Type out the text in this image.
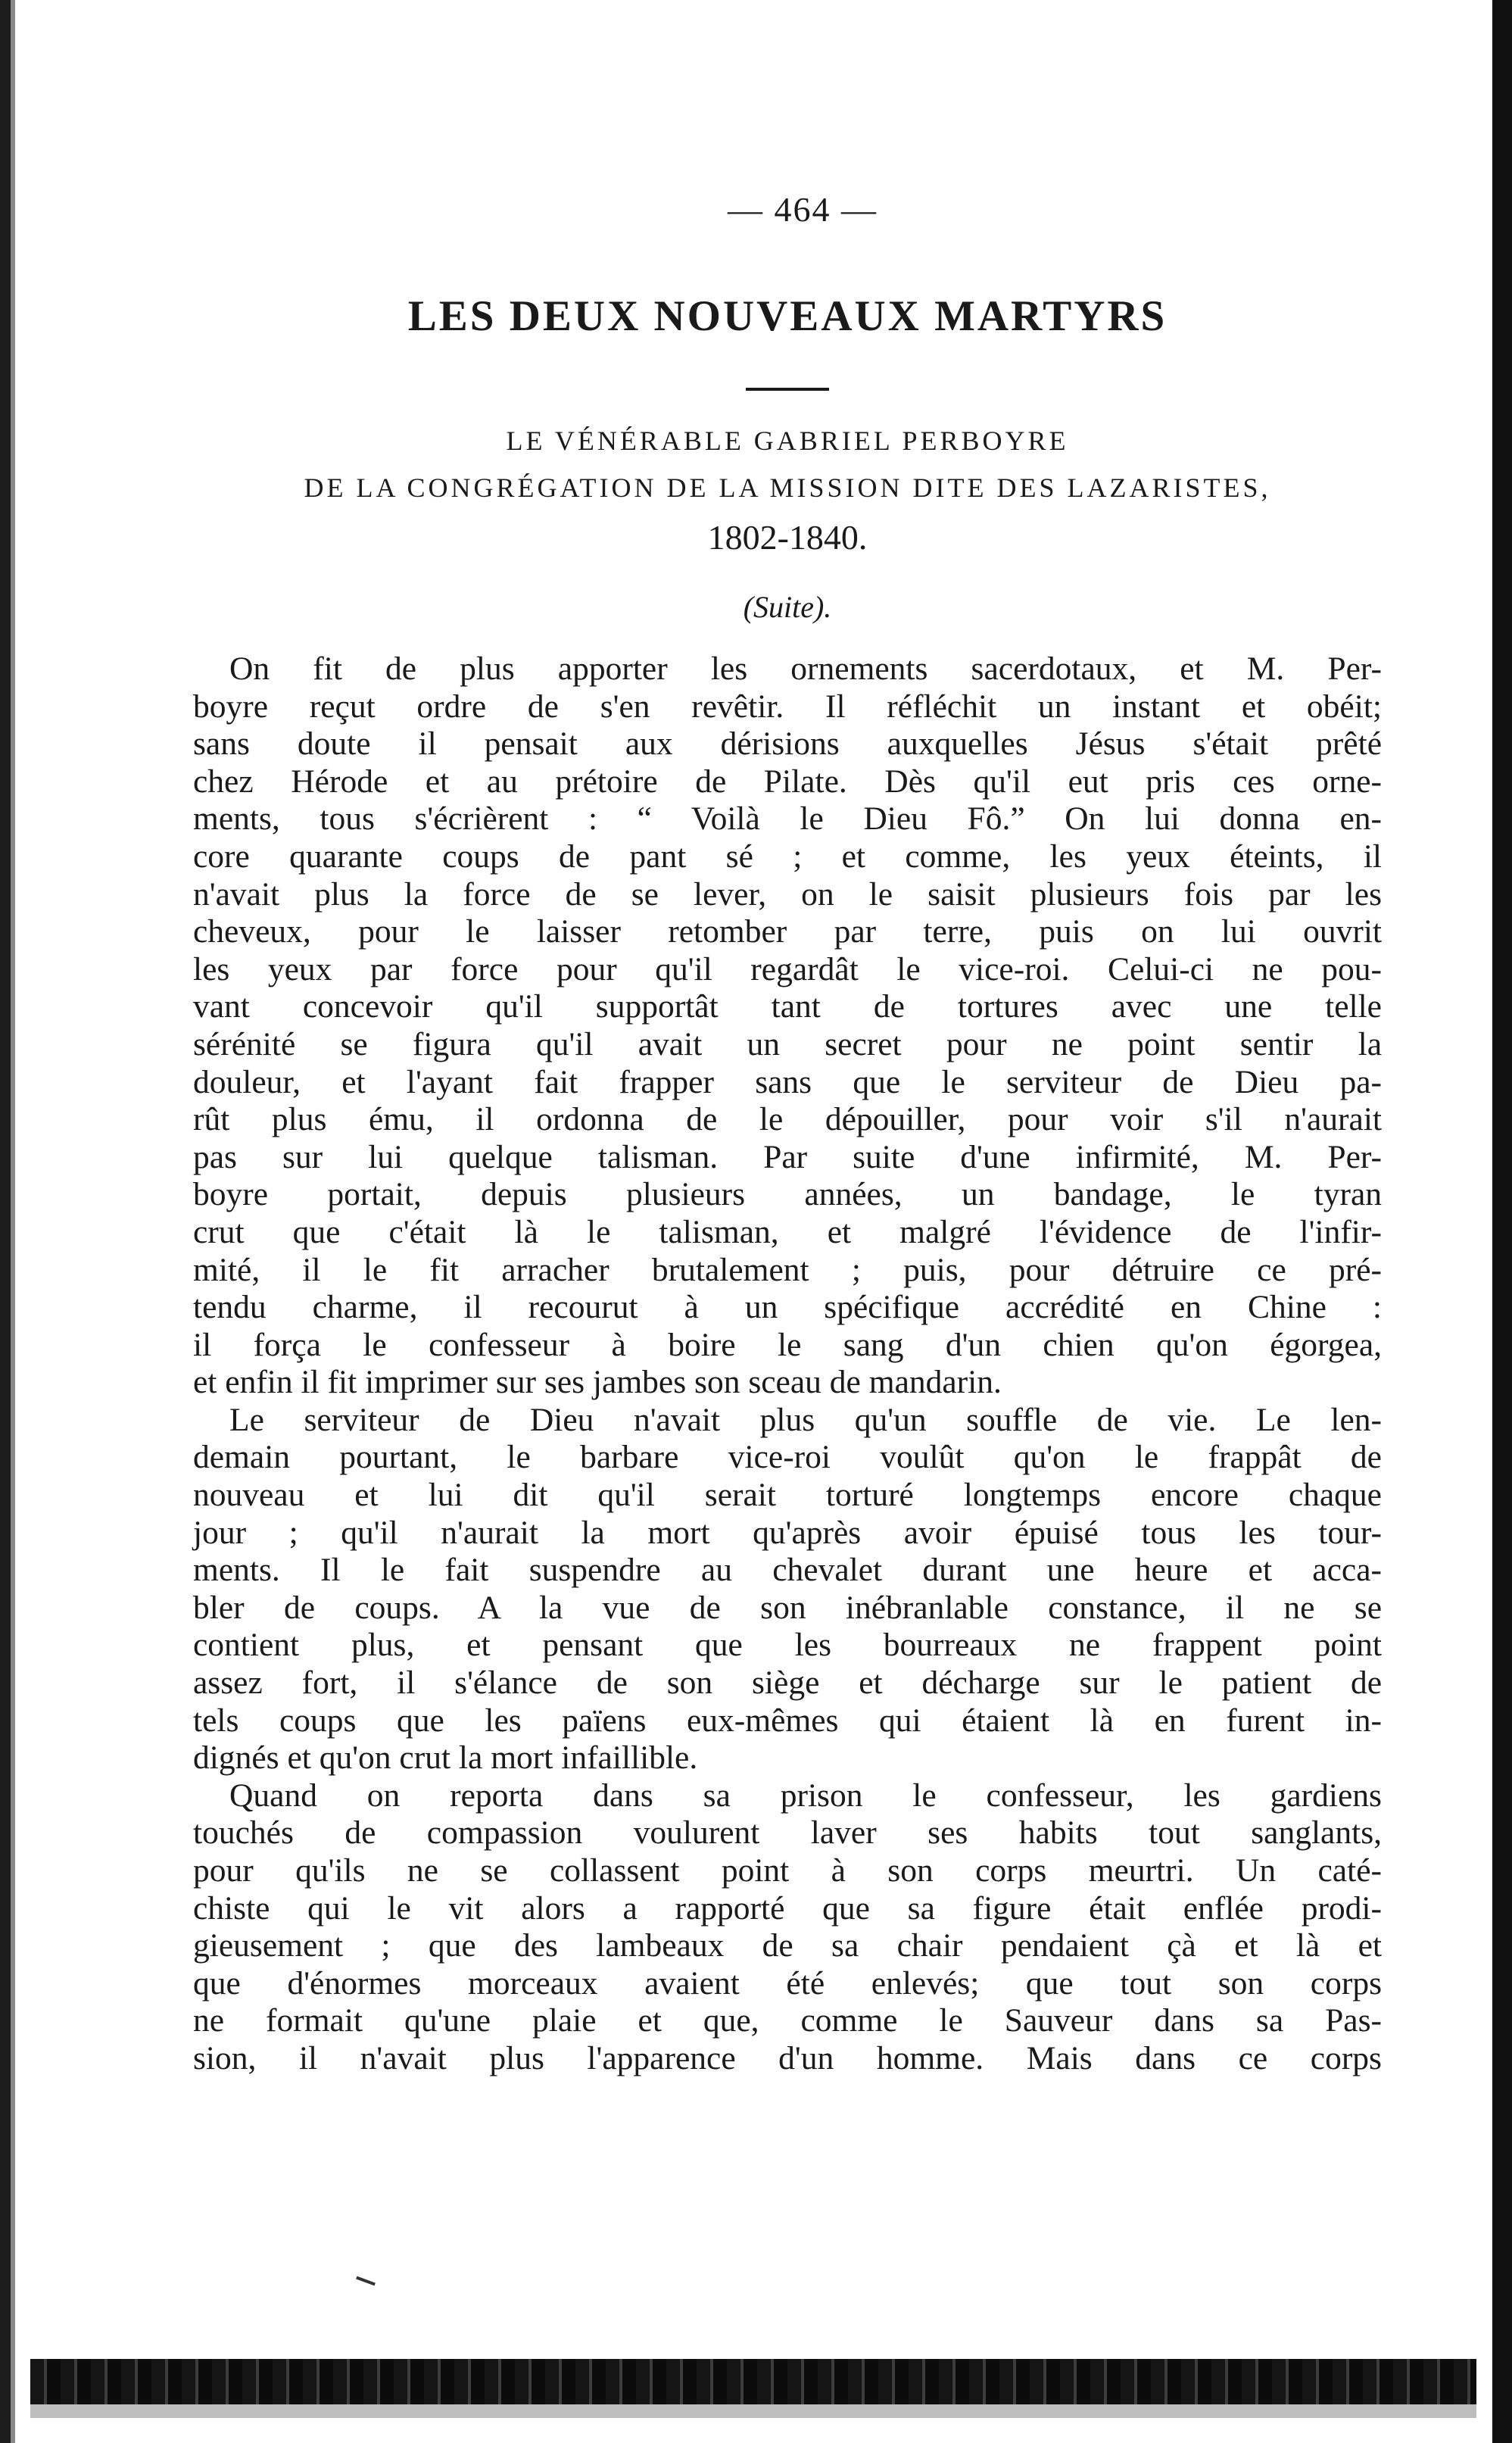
— 464 —
LES DEUX NOUVEAUX MARTYRS
LE VÉNÉRABLE GABRIEL PERBOYRE
DE LA CONGRÉGATION DE LA MISSION DITE DES LAZARISTES,
1802-1840.
(Suite).
On fit de plus apporter les ornements sacerdotaux, et M. Per-
boyre reçut ordre de s'en revêtir. Il réfléchit un instant et obéit;
sans doute il pensait aux dérisions auxquelles Jésus s'était prêté
chez Hérode et au prétoire de Pilate. Dès qu'il eut pris ces orne-
ments, tous s'écrièrent : “ Voilà le Dieu Fô.” On lui donna en-
core quarante coups de pant sé ; et comme, les yeux éteints, il
n'avait plus la force de se lever, on le saisit plusieurs fois par les
cheveux, pour le laisser retomber par terre, puis on lui ouvrit
les yeux par force pour qu'il regardât le vice-roi. Celui-ci ne pou-
vant concevoir qu'il supportât tant de tortures avec une telle
sérénité se figura qu'il avait un secret pour ne point sentir la
douleur, et l'ayant fait frapper sans que le serviteur de Dieu pa-
rût plus ému, il ordonna de le dépouiller, pour voir s'il n'aurait
pas sur lui quelque talisman. Par suite d'une infirmité, M. Per-
boyre portait, depuis plusieurs années, un bandage, le tyran
crut que c'était là le talisman, et malgré l'évidence de l'infir-
mité, il le fit arracher brutalement ; puis, pour détruire ce pré-
tendu charme, il recourut à un spécifique accrédité en Chine :
il força le confesseur à boire le sang d'un chien qu'on égorgea,
et enfin il fit imprimer sur ses jambes son sceau de mandarin.
Le serviteur de Dieu n'avait plus qu'un souffle de vie. Le len-
demain pourtant, le barbare vice-roi voulût qu'on le frappât de
nouveau et lui dit qu'il serait torturé longtemps encore chaque
jour ; qu'il n'aurait la mort qu'après avoir épuisé tous les tour-
ments. Il le fait suspendre au chevalet durant une heure et acca-
bler de coups. A la vue de son inébranlable constance, il ne se
contient plus, et pensant que les bourreaux ne frappent point
assez fort, il s'élance de son siège et décharge sur le patient de
tels coups que les païens eux-mêmes qui étaient là en furent in-
dignés et qu'on crut la mort infaillible.
Quand on reporta dans sa prison le confesseur, les gardiens
touchés de compassion voulurent laver ses habits tout sanglants,
pour qu'ils ne se collassent point à son corps meurtri. Un caté-
chiste qui le vit alors a rapporté que sa figure était enflée prodi-
gieusement ; que des lambeaux de sa chair pendaient çà et là et
que d'énormes morceaux avaient été enlevés; que tout son corps
ne formait qu'une plaie et que, comme le Sauveur dans sa Pas-
sion, il n'avait plus l'apparence d'un homme. Mais dans ce corps
